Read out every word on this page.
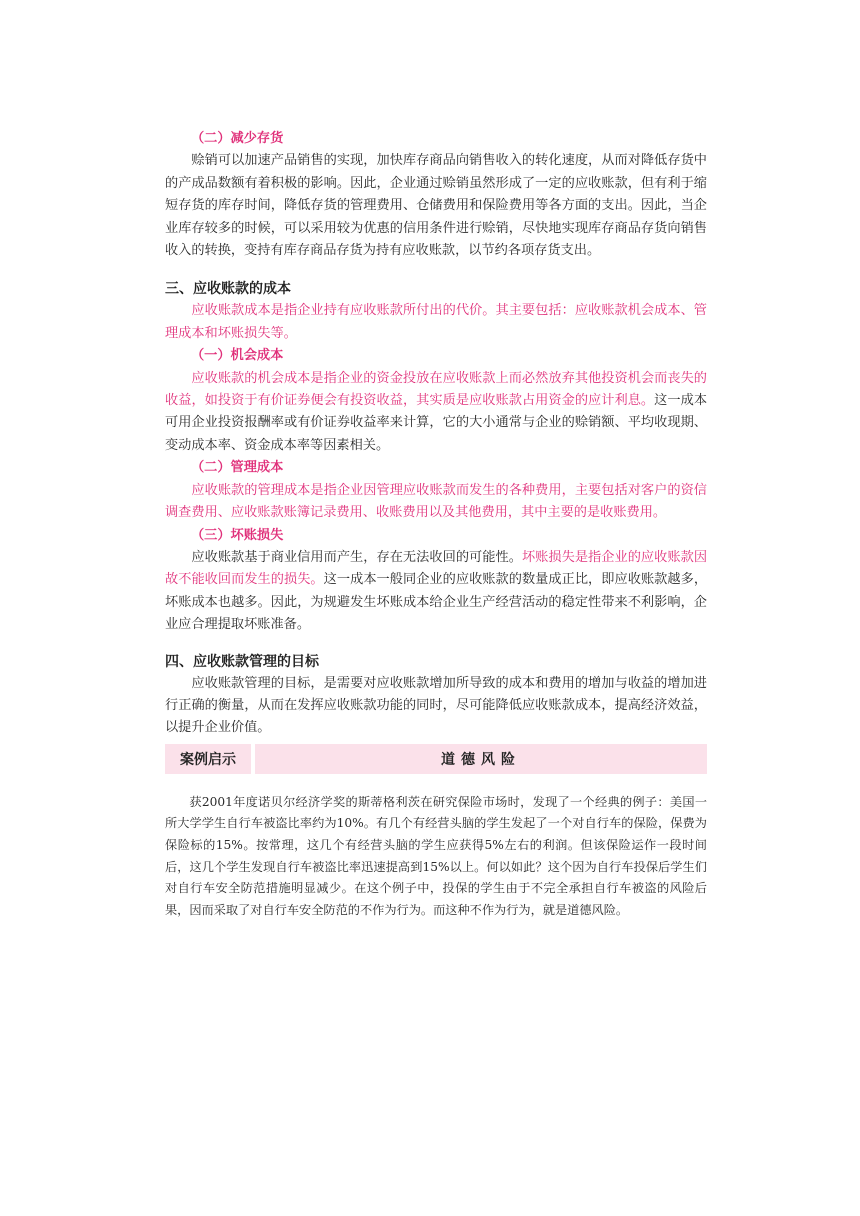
（二）减少存货

赊销可以加速产品销售的实现，加快库存商品向销售收入的转化速度，从而对降低存货中的产成品数额有着积极的影响。因此，企业通过赊销虽然形成了一定的应收账款，但有利于缩短存货的库存时间，降低存货的管理费用、仓储费用和保险费用等各方面的支出。因此，当企业库存较多的时候，可以采用较为优惠的信用条件进行赊销，尽快地实现库存商品存货向销售收入的转换，变持有库存商品存货为持有应收账款，以节约各项存货支出。

三、应收账款的成本

应收账款成本是指企业持有应收账款所付出的代价。其主要包括：应收账款机会成本、管理成本和坏账损失等。

（一）机会成本

应收账款的机会成本是指企业的资金投放在应收账款上而必然放弃其他投资机会而丧失的收益，如投资于有价证券便会有投资收益，其实质是应收账款占用资金的应计利息。这一成本可用企业投资报酬率或有价证券收益率来计算，它的大小通常与企业的赊销额、平均收现期、变动成本率、资金成本率等因素相关。

（二）管理成本

应收账款的管理成本是指企业因管理应收账款而发生的各种费用，主要包括对客户的资信调查费用、应收账款账簿记录费用、收账费用以及其他费用，其中主要的是收账费用。

（三）坏账损失

应收账款基于商业信用而产生，存在无法收回的可能性。坏账损失是指企业的应收账款因故不能收回而发生的损失。这一成本一般同企业的应收账款的数量成正比，即应收账款越多，坏账成本也越多。因此，为规避发生坏账成本给企业生产经营活动的稳定性带来不利影响，企业应合理提取坏账准备。

四、应收账款管理的目标

应收账款管理的目标，是需要对应收账款增加所导致的成本和费用的增加与收益的增加进行正确的衡量，从而在发挥应收账款功能的同时，尽可能降低应收账款成本，提高经济效益，以提升企业价值。

案例启示	道德风险

获2001年度诺贝尔经济学奖的斯蒂格利茨在研究保险市场时，发现了一个经典的例子：美国一所大学学生自行车被盗比率约为10%。有几个有经营头脑的学生发起了一个对自行车的保险，保费为保险标的15%。按常理，这几个有经营头脑的学生应获得5%左右的利润。但该保险运作一段时间后，这几个学生发现自行车被盗比率迅速提高到15%以上。何以如此？这个因为自行车投保后学生们对自行车安全防范措施明显减少。在这个例子中，投保的学生由于不完全承担自行车被盗的风险后果，因而采取了对自行车安全防范的不作为行为。而这种不作为行为，就是道德风险。
